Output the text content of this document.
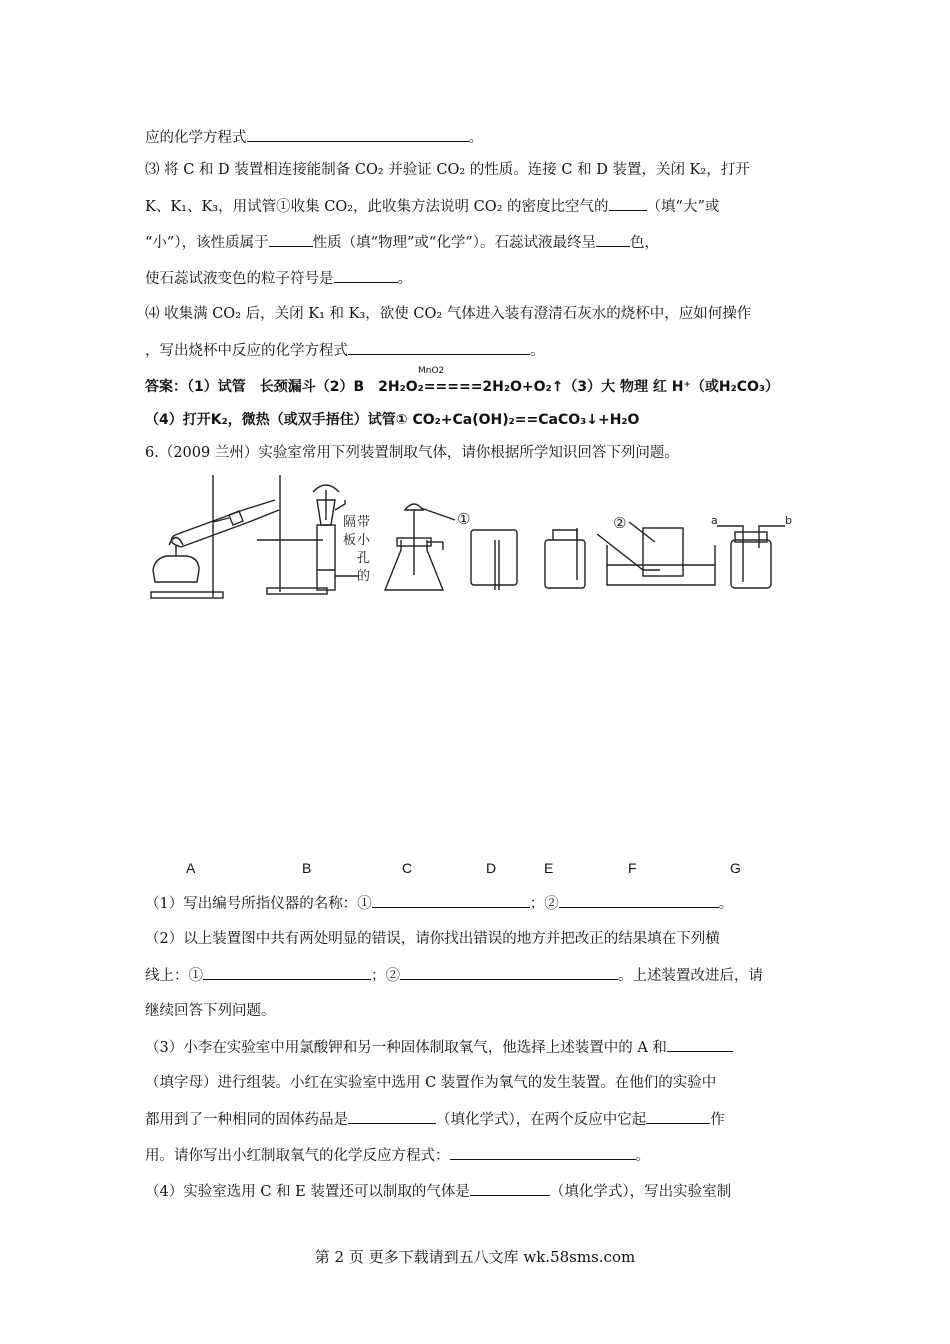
应的化学方程式	。
⑶ 将 C 和 D 装置相连接能制备 CO₂ 并验证 CO₂ 的性质。连接 C 和 D 装置，关闭 K₂，打开
K、K₁、K₃，用试管①收集 CO₂，此收集方法说明 CO₂ 的密度比空气的	（填“大”或
“小”），该性质属于	性质（填“物理”或“化学”）。石蕊试液最终呈 色，
使石蕊试液变色的粒子符号是	。
⑷ 收集满 CO₂ 后，关闭 K₁ 和 K₃，欲使 CO₂ 气体进入装有澄清石灰水的烧杯中，应如何操作
，写出烧杯中反应的化学方程式	。
答案：（1）试管　长颈漏斗（2）B　2H₂O₂=====2H₂O+O₂↑（3）大 物理 红 H⁺（或H₂CO₃）
MnO2
（4）打开K₂，微热（或双手捂住）试管① CO₂+Ca(OH)₂==CaCO₃↓+H₂O
6.（2009 兰州）实验室常用下列装置制取气体，请你根据所学知识回答下列问题。
隔 带
板 小
孔
的
①	②	a	b
A	B	C	D	E	F	G
（1）写出编号所指仪器的名称：①	；②	。
（2）以上装置图中共有两处明显的错误，请你找出错误的地方并把改正的结果填在下列横
线上：①	；②	。上述装置改进后，请
继续回答下列问题。
（3）小李在实验室中用氯酸钾和另一种固体制取氧气，他选择上述装置中的 A 和
（填字母）进行组装。小红在实验室中选用 C 装置作为氧气的发生装置。在他们的实验中
都用到了一种相同的固体药品是	（填化学式），在两个反应中它起	作
用。请你写出小红制取氧气的化学反应方程式：	。
（4）实验室选用 C 和 E 装置还可以制取的气体是	（填化学式），写出实验室制
第 2 页 更多下载请到五八文库 wk.58sms.com
